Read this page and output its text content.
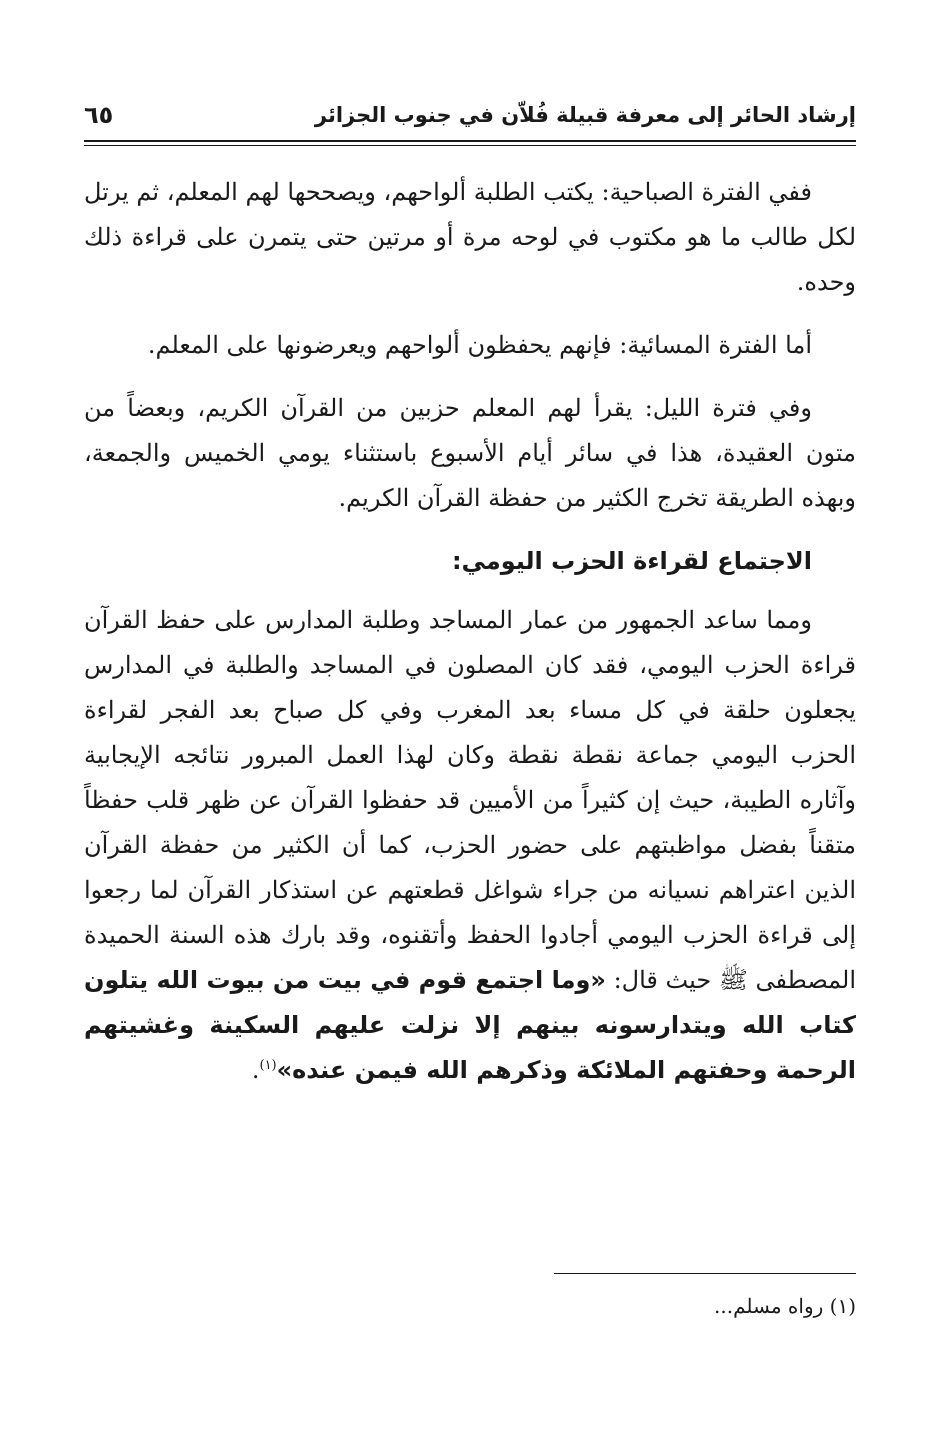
إرشاد الحائر إلى معرفة قبيلة فُلاّن في جنوب الجزائر
٦٥

ففي الفترة الصباحية: يكتب الطلبة ألواحهم، ويصححها لهم المعلم، ثم يرتل لكل طالب ما هو مكتوب في لوحه مرة أو مرتين حتى يتمرن على قراءة ذلك وحده.

أما الفترة المسائية: فإنهم يحفظون ألواحهم ويعرضونها على المعلم.

وفي فترة الليل: يقرأ لهم المعلم حزبين من القرآن الكريم، وبعضاً من متون العقيدة، هذا في سائر أيام الأسبوع باستثناء يومي الخميس والجمعة، وبهذه الطريقة تخرج الكثير من حفظة القرآن الكريم.

الاجتماع لقراءة الحزب اليومي:

ومما ساعد الجمهور من عمار المساجد وطلبة المدارس على حفظ القرآن قراءة الحزب اليومي، فقد كان المصلون في المساجد والطلبة في المدارس يجعلون حلقة في كل مساء بعد المغرب وفي كل صباح بعد الفجر لقراءة الحزب اليومي جماعة نقطة نقطة وكان لهذا العمل المبرور نتائجه الإيجابية وآثاره الطيبة، حيث إن كثيراً من الأميين قد حفظوا القرآن عن ظهر قلب حفظاً متقناً بفضل مواظبتهم على حضور الحزب، كما أن الكثير من حفظة القرآن الذين اعتراهم نسيانه من جراء شواغل قطعتهم عن استذكار القرآن لما رجعوا إلى قراءة الحزب اليومي أجادوا الحفظ وأتقنوه، وقد بارك هذه السنة الحميدة المصطفى ﷺ حيث قال: «وما اجتمع قوم في بيت من بيوت الله يتلون كتاب الله ويتدارسونه بينهم إلا نزلت عليهم السكينة وغشيتهم الرحمة وحفتهم الملائكة وذكرهم الله فيمن عنده»$^{(١)}$.

(١) رواه مسلم...
